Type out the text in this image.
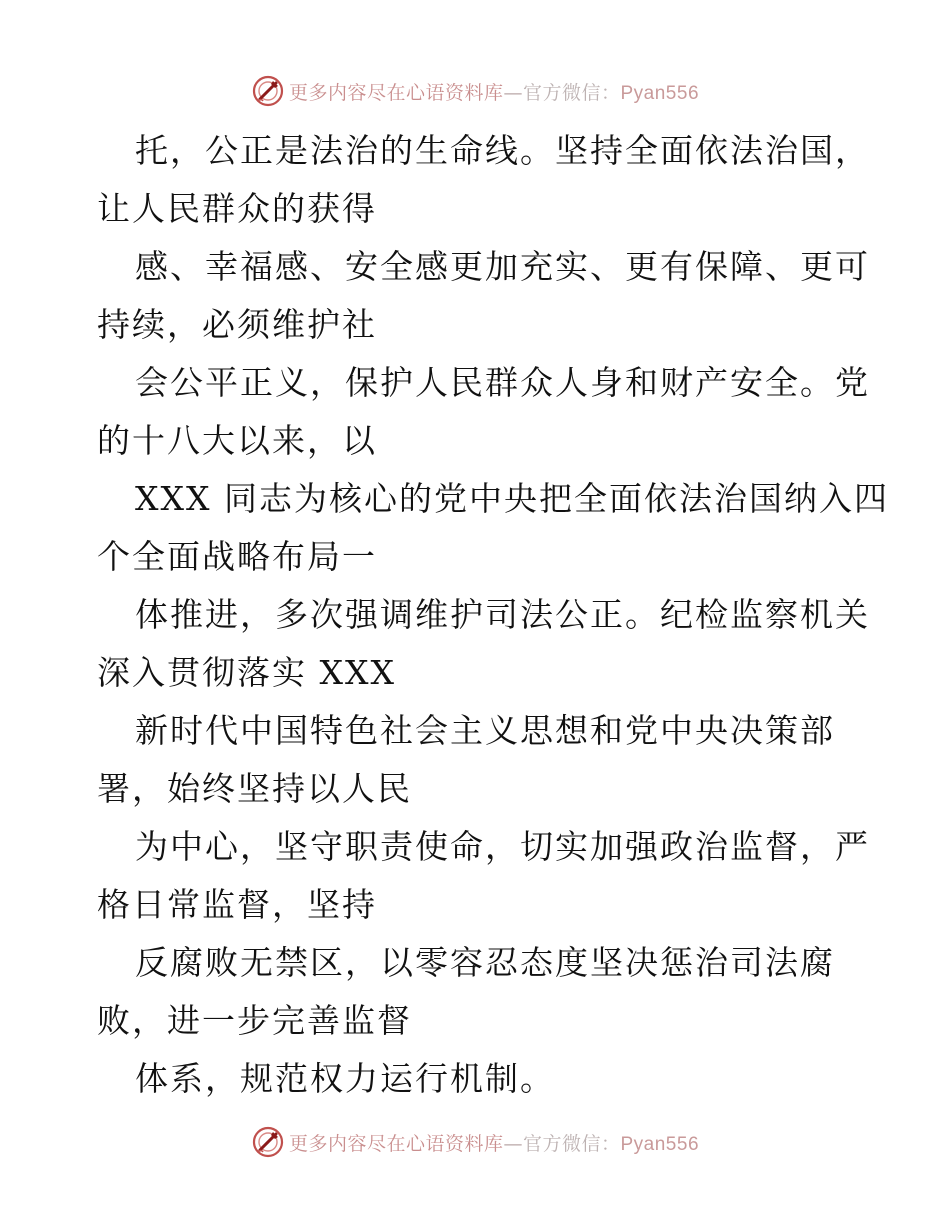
更多内容尽在心语资料库—官方微信：Pyan556
托，公正是法治的生命线。坚持全面依法治国，
让人民群众的获得
感、幸福感、安全感更加充实、更有保障、更可
持续，必须维护社
会公平正义，保护人民群众人身和财产安全。党
的十八大以来，以
XXX 同志为核心的党中央把全面依法治国纳入四
个全面战略布局一
体推进，多次强调维护司法公正。纪检监察机关
深入贯彻落实 XXX
新时代中国特色社会主义思想和党中央决策部
署，始终坚持以人民
为中心，坚守职责使命，切实加强政治监督，严
格日常监督，坚持
反腐败无禁区，以零容忍态度坚决惩治司法腐
败，进一步完善监督
体系，规范权力运行机制。
更多内容尽在心语资料库—官方微信：Pyan556
